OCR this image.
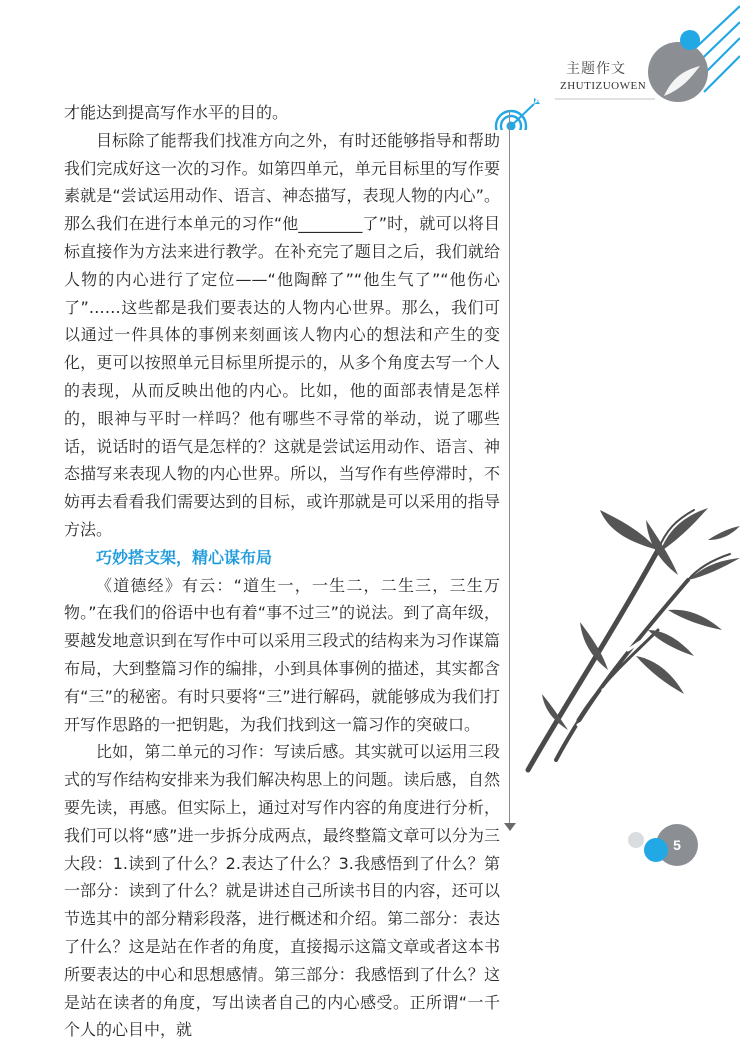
主题作文
ZHUTIZUOWEN

才能达到提高写作水平的目的。

目标除了能帮我们找准方向之外，有时还能够指导和帮助我们完成好这一次的习作。如第四单元，单元目标里的写作要素就是“尝试运用动作、语言、神态描写，表现人物的内心”。那么我们在进行本单元的习作“他________了”时，就可以将目标直接作为方法来进行教学。在补充完了题目之后，我们就给人物的内心进行了定位——“他陶醉了”“他生气了”“他伤心了”……这些都是我们要表达的人物内心世界。那么，我们可以通过一件具体的事例来刻画该人物内心的想法和产生的变化，更可以按照单元目标里所提示的，从多个角度去写一个人的表现，从而反映出他的内心。比如，他的面部表情是怎样的，眼神与平时一样吗？他有哪些不寻常的举动，说了哪些话，说话时的语气是怎样的？这就是尝试运用动作、语言、神态描写来表现人物的内心世界。所以，当写作有些停滞时，不妨再去看看我们需要达到的目标，或许那就是可以采用的指导方法。

巧妙搭支架，精心谋布局

《道德经》有云：“道生一，一生二，二生三，三生万物。”在我们的俗语中也有着“事不过三”的说法。到了高年级，要越发地意识到在写作中可以采用三段式的结构来为习作谋篇布局，大到整篇习作的编排，小到具体事例的描述，其实都含有“三”的秘密。有时只要将“三”进行解码，就能够成为我们打开写作思路的一把钥匙，为我们找到这一篇习作的突破口。

比如，第二单元的习作：写读后感。其实就可以运用三段式的写作结构安排来为我们解决构思上的问题。读后感，自然要先读，再感。但实际上，通过对写作内容的角度进行分析，我们可以将“感”进一步拆分成两点，最终整篇文章可以分为三大段：1.读到了什么？2.表达了什么？3.我感悟到了什么？第一部分：读到了什么？就是讲述自己所读书目的内容，还可以节选其中的部分精彩段落，进行概述和介绍。第二部分：表达了什么？这是站在作者的角度，直接揭示这篇文章或者这本书所要表达的中心和思想感情。第三部分：我感悟到了什么？这是站在读者的角度，写出读者自己的内心感受。正所谓“一千个人的心目中，就

5
